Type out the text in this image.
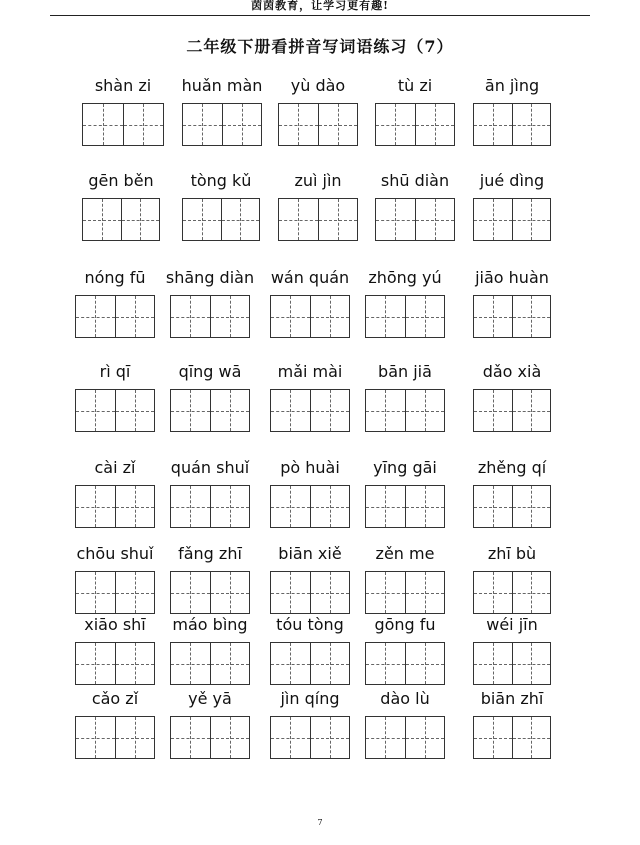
茵茵教育，让学习更有趣!
二年级下册看拼音写词语练习（7）
shàn zi	huǎn màn	yù dào	tù zi	ān jìng
gēn běn	tòng kǔ	zuì jìn	shū diàn	jué dìng
nóng fū	shāng diàn	wán quán	zhōng yú	jiāo huàn
rì qī	qīng wā	mǎi mài	bān jiā	dǎo xià
cài zǐ	quán shuǐ	pò huài	yīng gāi	zhěng qí
chōu shuǐ	fǎng zhī	biān xiě	zěn me	zhī bù
xiāo shī	máo bìng	tóu tòng	gōng fu	wéi jīn
cǎo zǐ	yě yā	jìn qíng	dào lù	biān zhī
7
